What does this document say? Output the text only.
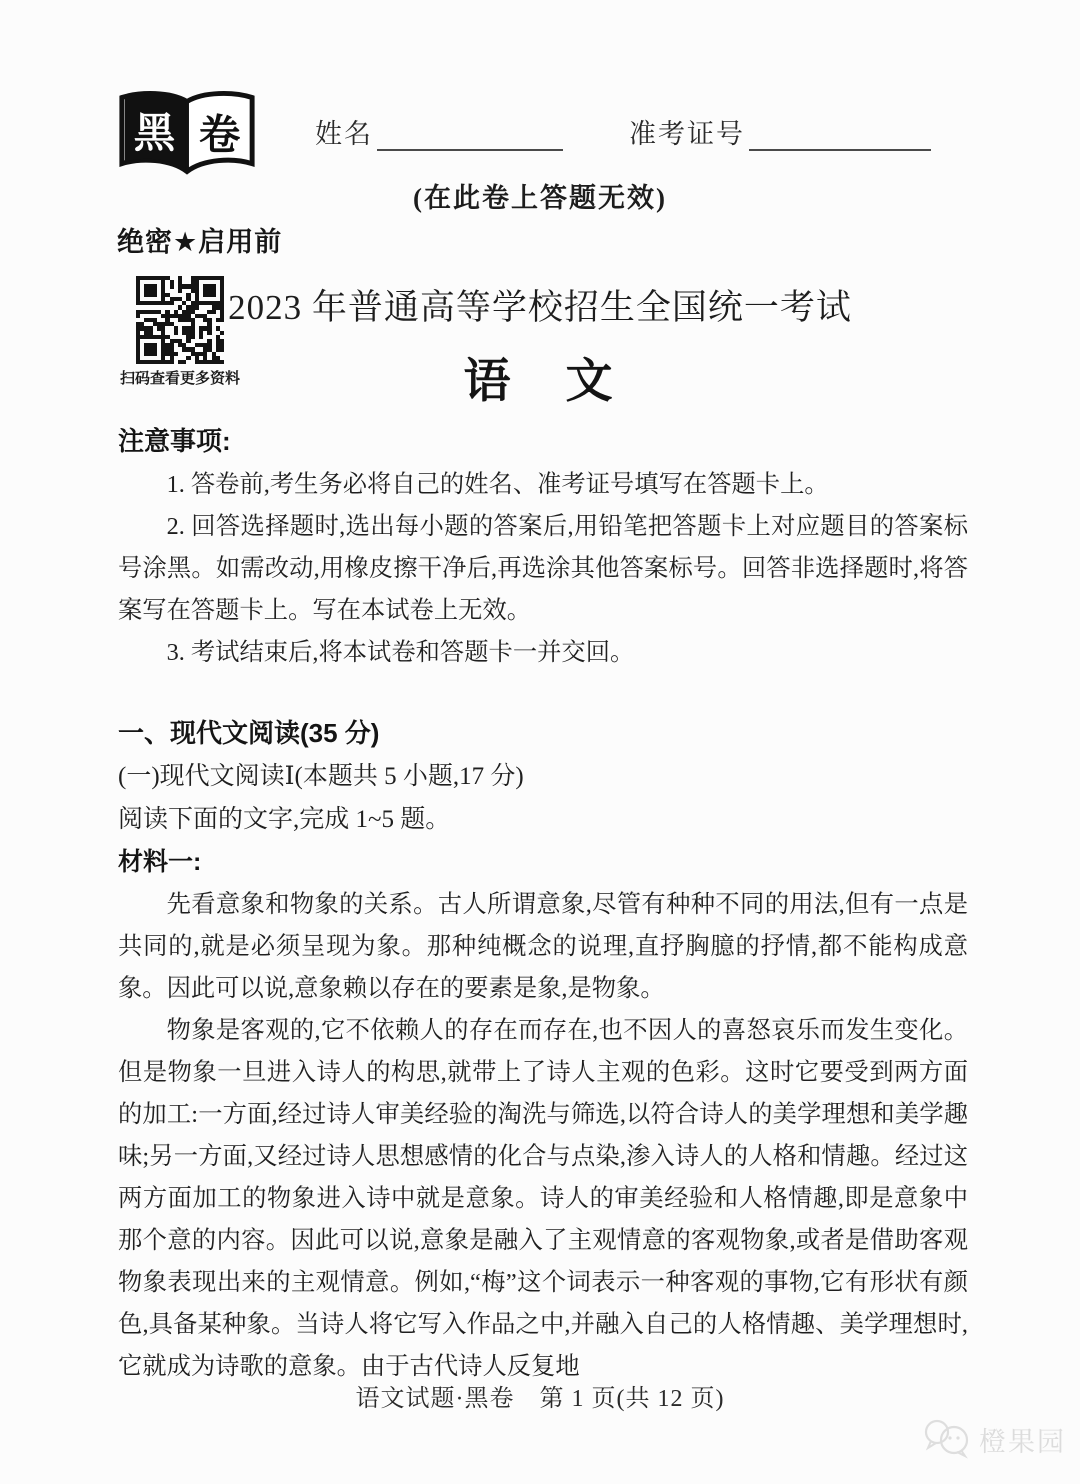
黑 卷	姓名	准考证号
(在此卷上答题无效)
绝密★启用前
扫码查看更多资料
2023 年普通高等学校招生全国统一考试
语　文
注意事项:
1. 答卷前,考生务必将自己的姓名、准考证号填写在答题卡上。
2. 回答选择题时,选出每小题的答案后,用铅笔把答题卡上对应题目的答案标号涂黑。如需改动,用橡皮擦干净后,再选涂其他答案标号。回答非选择题时,将答案写在答题卡上。写在本试卷上无效。
3. 考试结束后,将本试卷和答题卡一并交回。
一、现代文阅读(35 分)
(一)现代文阅读Ⅰ(本题共 5 小题,17 分)
阅读下面的文字,完成 1~5 题。
材料一:

先看意象和物象的关系。古人所谓意象,尽管有种种不同的用法,但有一点是共同的,就是必须呈现为象。那种纯概念的说理,直抒胸臆的抒情,都不能构成意象。因此可以说,意象赖以存在的要素是象,是物象。

物象是客观的,它不依赖人的存在而存在,也不因人的喜怒哀乐而发生变化。但是物象一旦进入诗人的构思,就带上了诗人主观的色彩。这时它要受到两方面的加工:一方面,经过诗人审美经验的淘洗与筛选,以符合诗人的美学理想和美学趣味;另一方面,又经过诗人思想感情的化合与点染,渗入诗人的人格和情趣。经过这两方面加工的物象进入诗中就是意象。诗人的审美经验和人格情趣,即是意象中那个意的内容。因此可以说,意象是融入了主观情意的客观物象,或者是借助客观物象表现出来的主观情意。例如,“梅”这个词表示一种客观的事物,它有形状有颜色,具备某种象。当诗人将它写入作品之中,并融入自己的人格情趣、美学理想时,它就成为诗歌的意象。由于古代诗人反复地

语文试题·黑卷　第 1 页(共 12 页)
橙果园
